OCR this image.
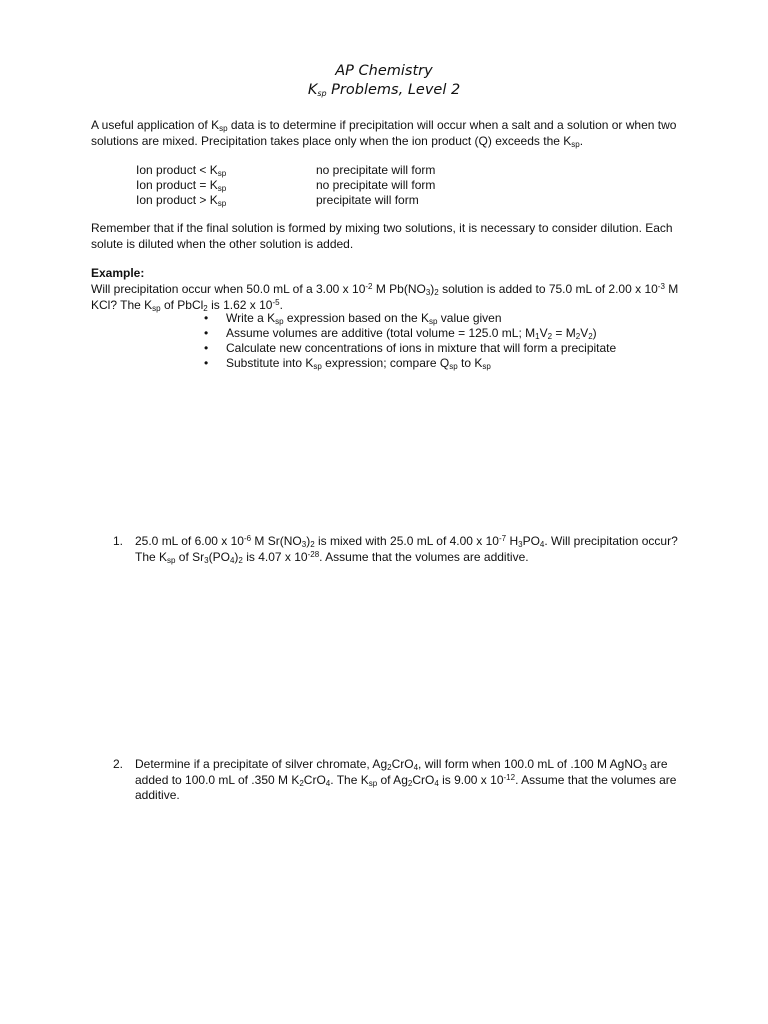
AP Chemistry
$K_{sp}$ Problems, Level 2
A useful application of $K_{sp}$ data is to determine if precipitation will occur when a salt and a solution or when two solutions are mixed. Precipitation takes place only when the ion product (Q) exceeds the $K_{sp}$.
Ion product < $K_{sp}$	no precipitate will form
Ion product = $K_{sp}$	no precipitate will form
Ion product > $K_{sp}$	precipitate will form
Remember that if the final solution is formed by mixing two solutions, it is necessary to consider dilution. Each solute is diluted when the other solution is added.
Example:
Will precipitation occur when 50.0 mL of a 3.00 x $10^{-2}$ M $Pb(NO_3)_2$ solution is added to 75.0 mL of 2.00 x $10^{-3}$ M KCl? The $K_{sp}$ of PbCl$_2$ is 1.62 x $10^{-5}$.
• Write a $K_{sp}$ expression based on the $K_{sp}$ value given
• Assume volumes are additive (total volume = 125.0 mL; $M_1V_2 = M_2V_2$)
• Calculate new concentrations of ions in mixture that will form a precipitate
• Substitute into $K_{sp}$ expression; compare $Q_{sp}$ to $K_{sp}$
1. 25.0 mL of 6.00 x $10^{-6}$ M $Sr(NO_3)_2$ is mixed with 25.0 mL of 4.00 x $10^{-7}$ $H_3PO_4$. Will precipitation occur? The $K_{sp}$ of $Sr_3(PO_4)_2$ is 4.07 x $10^{-28}$. Assume that the volumes are additive.
2. Determine if a precipitate of silver chromate, $Ag_2CrO_4$, will form when 100.0 mL of .100 M AgNO$_3$ are added to 100.0 mL of .350 M $K_2CrO_4$. The $K_{sp}$ of $Ag_2CrO_4$ is 9.00 x $10^{-12}$. Assume that the volumes are additive.
